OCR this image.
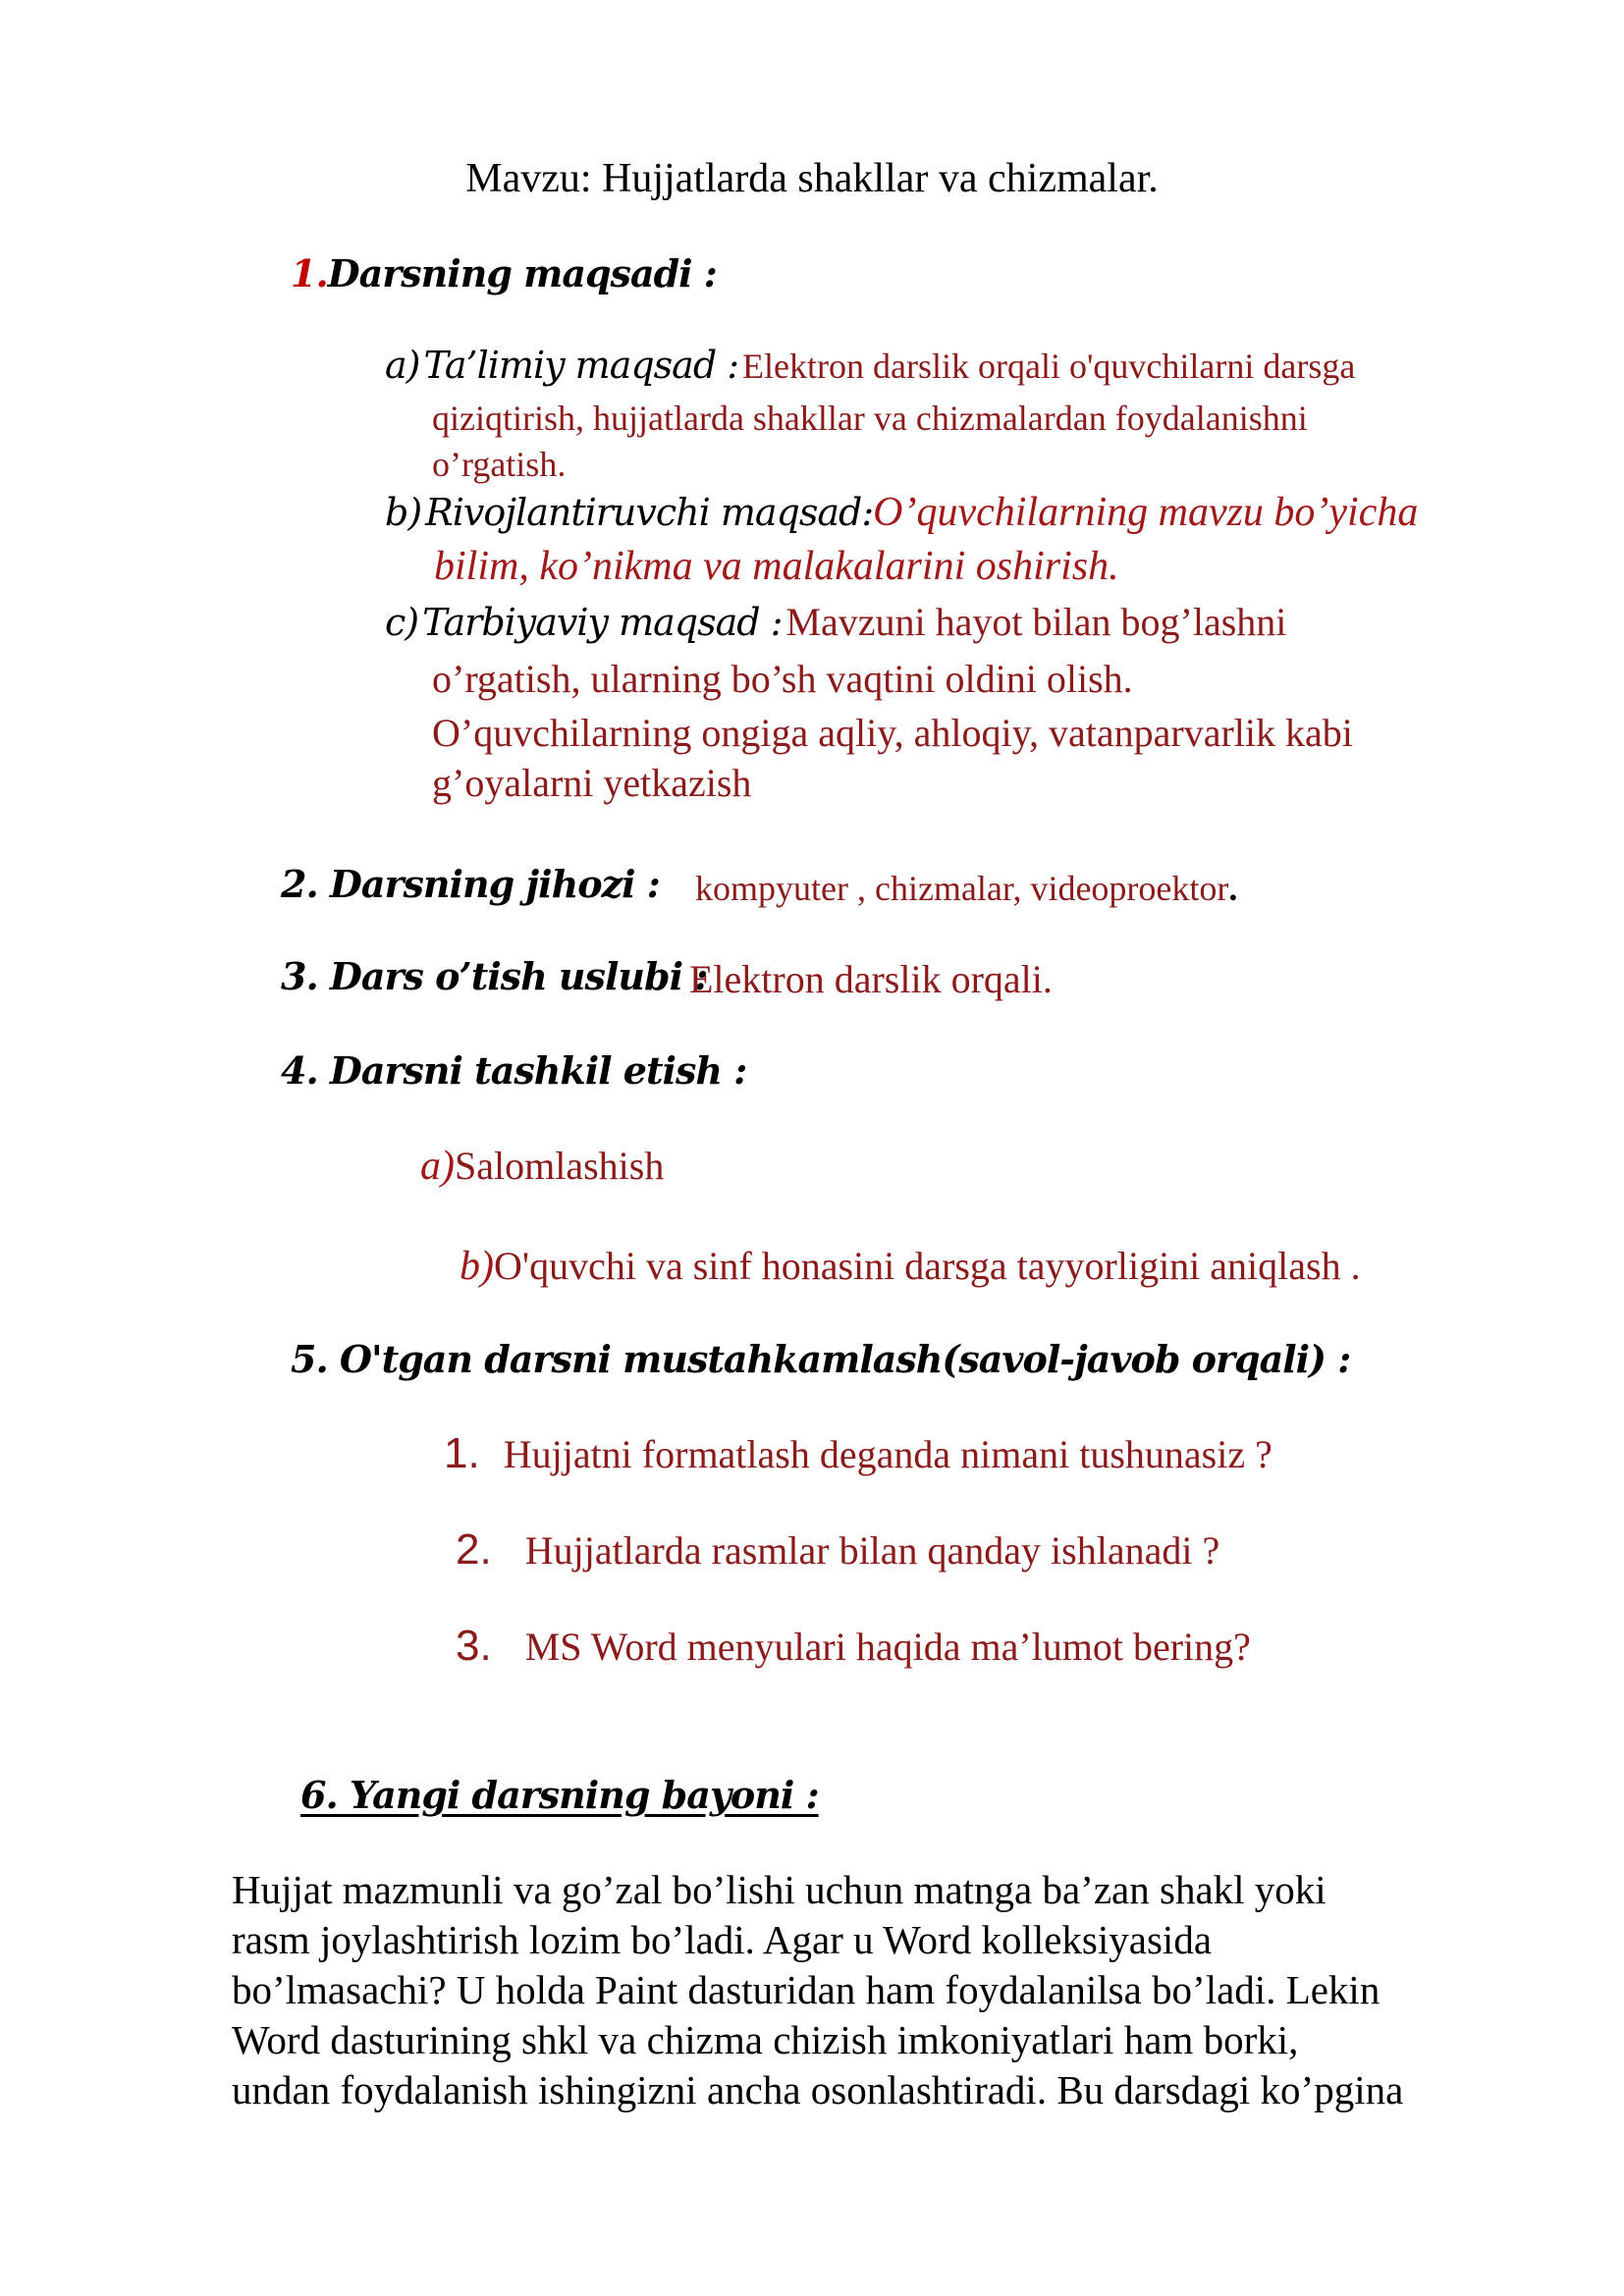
Mavzu: Hujjatlarda shakllar va chizmalar.
1.Darsning maqsadi :
a) Ta’limiy maqsad : Elektron darslik orqali o'quvchilarni darsga
qiziqtirish, hujjatlarda shakllar va chizmalardan foydalanishni
o’rgatish.
b) Rivojlantiruvchi maqsad:O’quvchilarning mavzu bo’yicha
bilim, ko’nikma va malakalarini oshirish.
c) Tarbiyaviy maqsad : Mavzuni hayot bilan bog’lashni
o’rgatish, ularning bo’sh vaqtini oldini olish.
O’quvchilarning ongiga aqliy, ahloqiy, vatanparvarlik kabi
g’oyalarni yetkazish
2. Darsning jihozi : kompyuter , chizmalar, videoproektor.
3. Dars o’tish uslubi :
Elektron darslik orqali.
4. Darsni tashkil etish :
a)Salomlashish
b)O'quvchi va sinf honasini darsga tayyorligini aniqlash .
5. O'tgan darsni mustahkamlash(savol-javob orqali) :
1. Hujjatni formatlash deganda nimani tushunasiz ?
2. Hujjatlarda rasmlar bilan qanday ishlanadi ?
3. MS Word menyulari haqida ma’lumot bering?
6. Yangi darsning bayoni :
Hujjat mazmunli va go’zal bo’lishi uchun matnga ba’zan shakl yoki
rasm joylashtirish lozim bo’ladi. Agar u Word kolleksiyasida
bo’lmasachi? U holda Paint dasturidan ham foydalanilsa bo’ladi. Lekin
Word dasturining shkl va chizma chizish imkoniyatlari ham borki,
undan foydalanish ishingizni ancha osonlashtiradi. Bu darsdagi ko’pgina
